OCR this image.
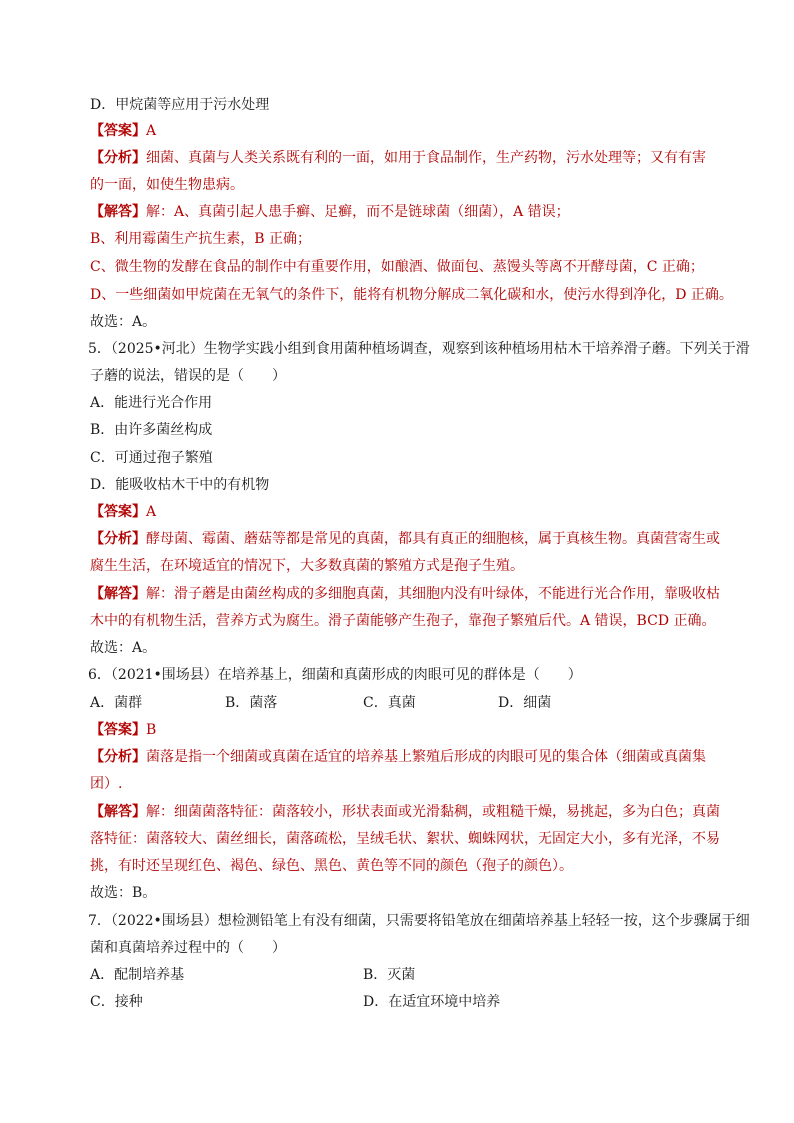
D．甲烷菌等应用于污水处理
【答案】A
【分析】细菌、真菌与人类关系既有利的一面，如用于食品制作，生产药物，污水处理等；又有有害
的一面，如使生物患病。
【解答】解：A、真菌引起人患手癣、足癣，而不是链球菌（细菌），A 错误；
B、利用霉菌生产抗生素，B 正确；
C、微生物的发酵在食品的制作中有重要作用，如酿酒、做面包、蒸馒头等离不开酵母菌，C 正确；
D、一些细菌如甲烷菌在无氧气的条件下，能将有机物分解成二氧化碳和水，使污水得到净化，D 正确。
故选：A。
5．（2025•河北）生物学实践小组到食用菌种植场调查，观察到该种植场用枯木干培养滑子蘑。下列关于滑
子蘑的说法，错误的是（　　）
A．能进行光合作用
B．由许多菌丝构成
C．可通过孢子繁殖
D．能吸收枯木干中的有机物
【答案】A
【分析】酵母菌、霉菌、蘑菇等都是常见的真菌，都具有真正的细胞核，属于真核生物。真菌营寄生或
腐生生活，在环境适宜的情况下，大多数真菌的繁殖方式是孢子生殖。
【解答】解：滑子蘑是由菌丝构成的多细胞真菌，其细胞内没有叶绿体，不能进行光合作用，靠吸收枯
木中的有机物生活，营养方式为腐生。滑子菌能够产生孢子，靠孢子繁殖后代。A 错误，BCD 正确。
故选：A。
6．（2021•围场县）在培养基上，细菌和真菌形成的肉眼可见的群体是（　　）
A．菌群	B．菌落	C．真菌	D．细菌
【答案】B
【分析】菌落是指一个细菌或真菌在适宜的培养基上繁殖后形成的肉眼可见的集合体（细菌或真菌集
团）.
【解答】解：细菌菌落特征：菌落较小，形状表面或光滑黏稠，或粗糙干燥，易挑起，多为白色；真菌
落特征：菌落较大、菌丝细长，菌落疏松，呈绒毛状、絮状、蜘蛛网状，无固定大小，多有光泽，不易
挑，有时还呈现红色、褐色、绿色、黑色、黄色等不同的颜色（孢子的颜色）。
故选：B。
7．（2022•围场县）想检测铅笔上有没有细菌，只需要将铅笔放在细菌培养基上轻轻一按，这个步骤属于细
菌和真菌培养过程中的（　　）
A．配制培养基	B．灭菌
C．接种	D．在适宜环境中培养
